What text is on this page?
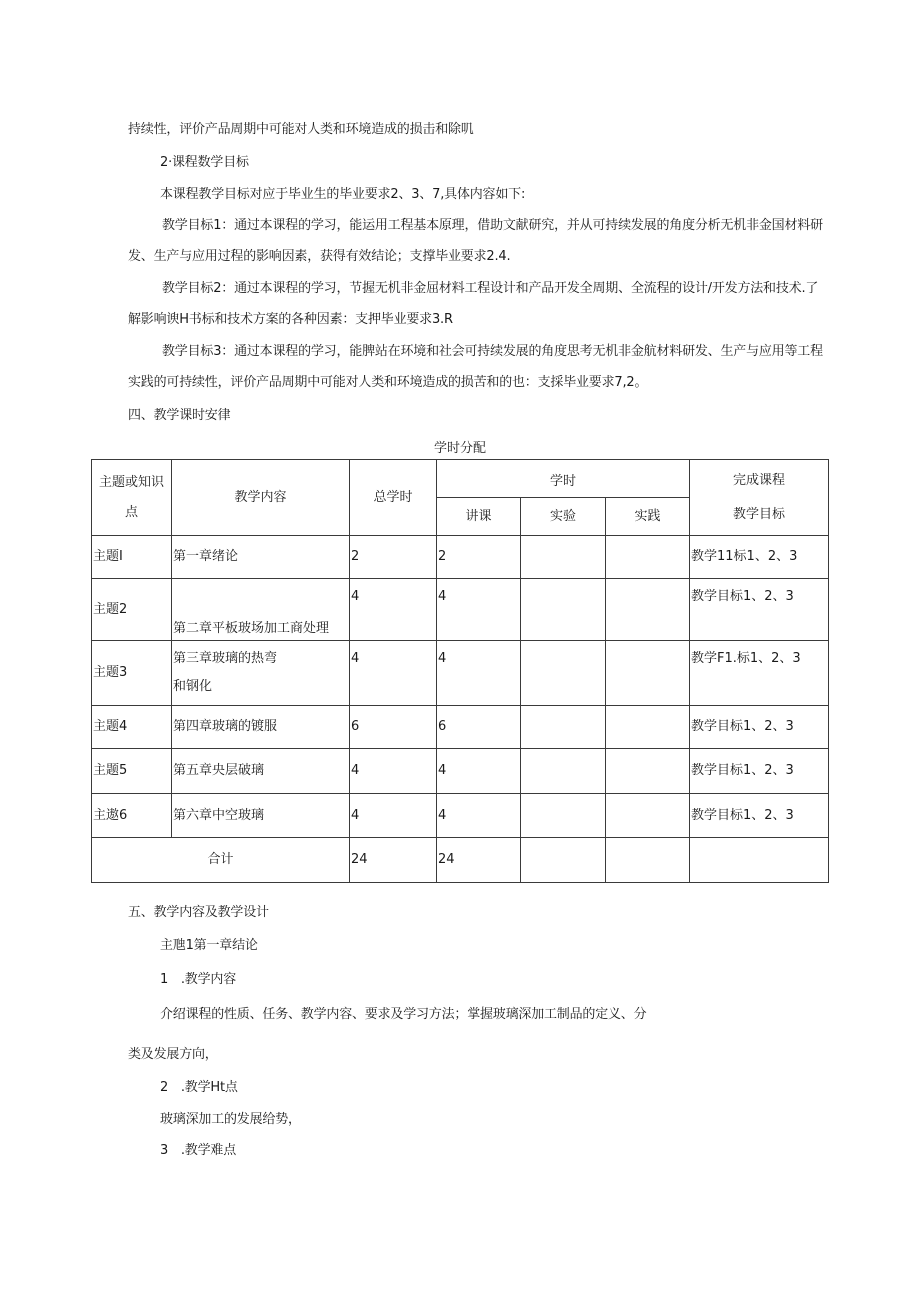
持续性，评价产品周期中可能对人类和环境造成的损击和除叽
2·课程数学目标
本课程教学目标对应于毕业生的毕业要求2、3、7,具体内容如下:
教学目标1：通过本课程的学习，能运用工程基本原理，借助文献研究，并从可持续发展的角度分析无机非金国材料研
发、生产与应用过程的影响因素，获得有效结论；支撑毕业要求2.4.
教学目标2：通过本课程的学习，节握无机非金屈材料工程设计和产品开发全周期、全流程的设计/开发方法和技术.了
解影响谀H书标和技术方案的各种因素：支押毕业要求3.R
教学目标3：通过本课程的学习，能脾站在环境和社会可持续发展的角度思考无机非金航材料研发、生产与应用等工程
实践的可持续性，评价产品周期中可能对人类和环境造成的损苦和的也：支採毕业要求7,2。
四、教学课时安律
学时分配
主题或知识
点	教学内容	总学时	学时			完成课程
教学目标

			讲课	实验	实践	
主题I	第一章绪论	2	2			教学11标1、2、3
主题2	第二章平板玻场加工商处理	4	4			教学目标1、2、3
主题3	第三章玻璃的热弯
和钢化	4	4			教学F1.标1、2、3
主题4	第四章玻璃的镀服	6	6			教学目标1、2、3
主题5	第五章央层破璃	4	4			教学目标1、2、3
主遨6	第六章中空玻璃	4	4			教学目标1、2、3
合计		24	24			
五、教学内容及教学设计
主虺1第一章结论
1　.教学内容
介绍课程的性质、任务、教学内容、要求及学习方法；掌握玻璃深加工制品的定义、分
类及发展方向，
2　.教学Ht点
玻璃深加工的发展给势，
3　.教学难点
